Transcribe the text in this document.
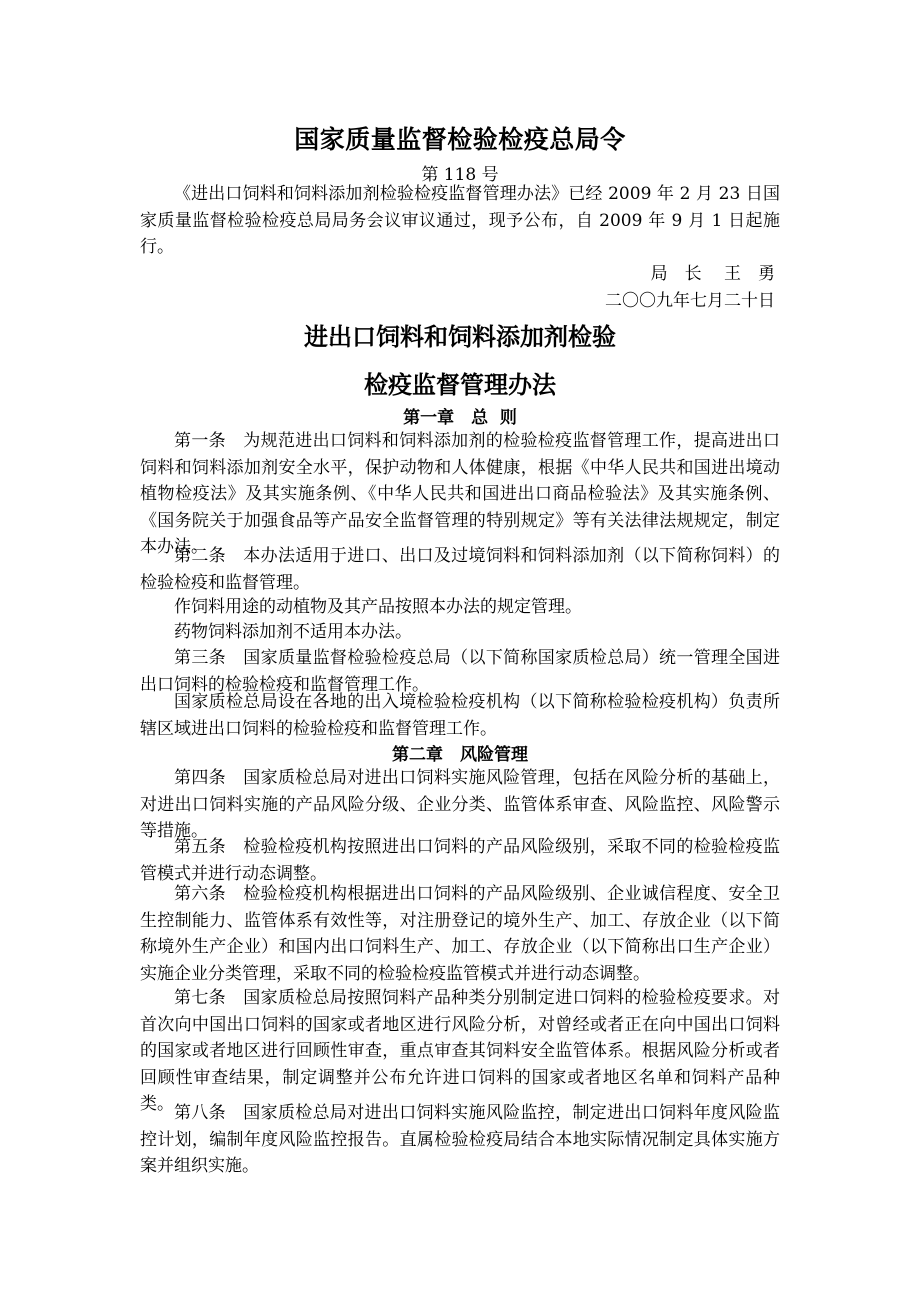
国家质量监督检验检疫总局令
第 118 号

《进出口饲料和饲料添加剂检验检疫监督管理办法》已经 2009 年 2 月 23 日国家质量监督检验检疫总局局务会议审议通过，现予公布，自 2009 年 9 月 1 日起施行。

局　长　 王　勇
二〇〇九年七月二十日
进出口饲料和饲料添加剂检验
检疫监督管理办法
第一章　总  则

第一条　为规范进出口饲料和饲料添加剂的检验检疫监督管理工作，提高进出口饲料和饲料添加剂安全水平，保护动物和人体健康，根据《中华人民共和国进出境动植物检疫法》及其实施条例、《中华人民共和国进出口商品检验法》及其实施条例、《国务院关于加强食品等产品安全监督管理的特别规定》等有关法律法规规定，制定本办法。

第二条　本办法适用于进口、出口及过境饲料和饲料添加剂（以下简称饲料）的检验检疫和监督管理。

作饲料用途的动植物及其产品按照本办法的规定管理。

药物饲料添加剂不适用本办法。

第三条　国家质量监督检验检疫总局（以下简称国家质检总局）统一管理全国进出口饲料的检验检疫和监督管理工作。

国家质检总局设在各地的出入境检验检疫机构（以下简称检验检疫机构）负责所辖区域进出口饲料的检验检疫和监督管理工作。

第二章　风险管理

第四条　国家质检总局对进出口饲料实施风险管理，包括在风险分析的基础上，对进出口饲料实施的产品风险分级、企业分类、监管体系审查、风险监控、风险警示等措施。

第五条　检验检疫机构按照进出口饲料的产品风险级别，采取不同的检验检疫监管模式并进行动态调整。

第六条　检验检疫机构根据进出口饲料的产品风险级别、企业诚信程度、安全卫生控制能力、监管体系有效性等，对注册登记的境外生产、加工、存放企业（以下简称境外生产企业）和国内出口饲料生产、加工、存放企业（以下简称出口生产企业）实施企业分类管理，采取不同的检验检疫监管模式并进行动态调整。

第七条　国家质检总局按照饲料产品种类分别制定进口饲料的检验检疫要求。对首次向中国出口饲料的国家或者地区进行风险分析，对曾经或者正在向中国出口饲料的国家或者地区进行回顾性审查，重点审查其饲料安全监管体系。根据风险分析或者回顾性审查结果，制定调整并公布允许进口饲料的国家或者地区名单和饲料产品种类。 第八条　国家质检总局对进出口饲料实施风险监控，制定进出口饲料年度风险监控计划，编制年度风险监控报告。直属检验检疫局结合本地实际情况制定具体实施方案并组织实施。
